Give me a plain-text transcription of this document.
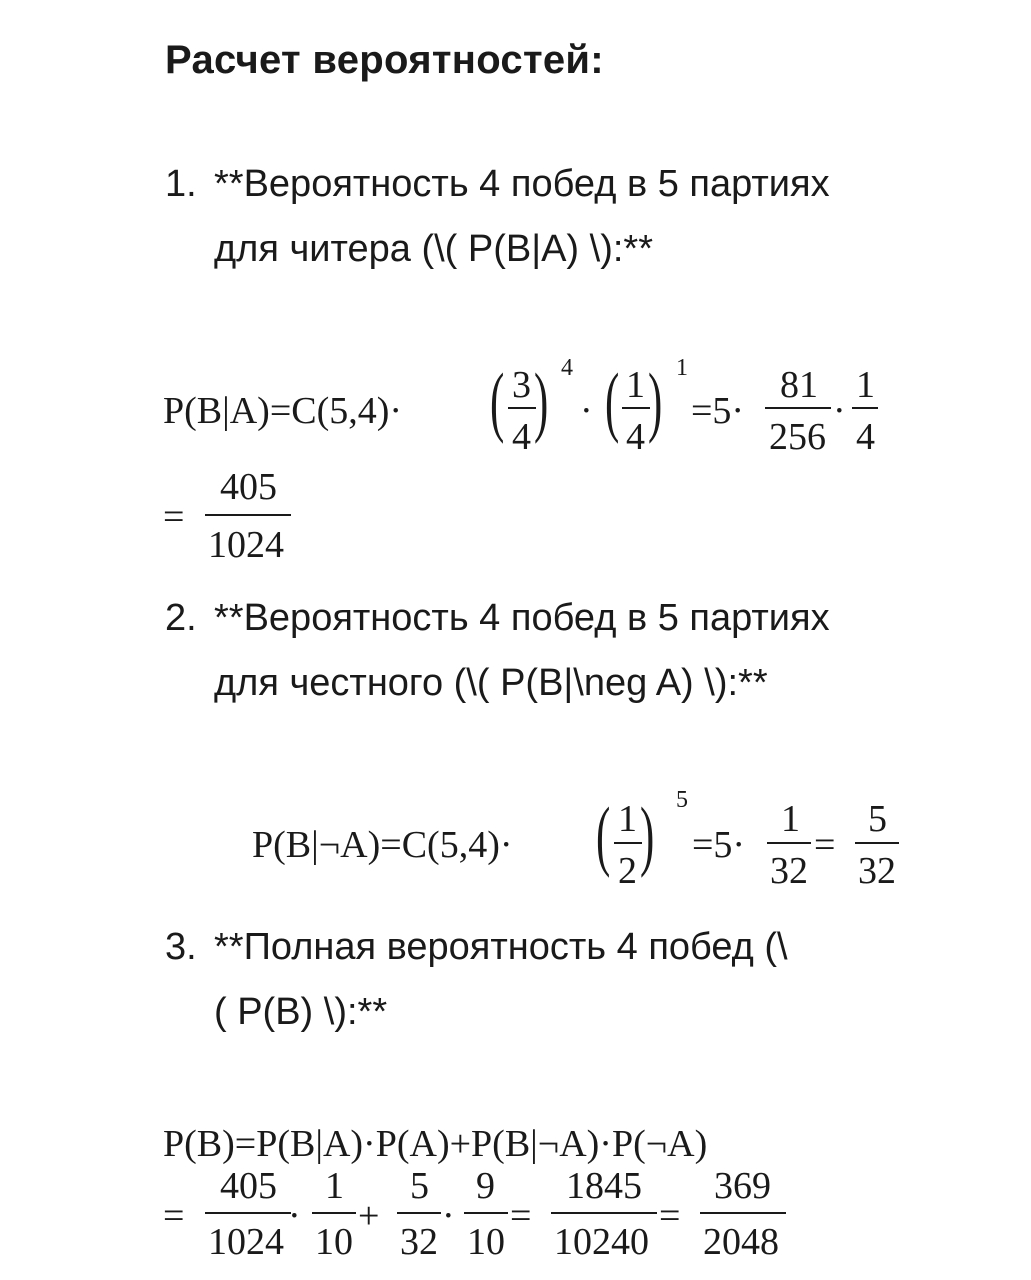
Расчет вероятностей:
1. **Вероятность 4 побед в 5 партиях
для читера (\( P(B|A) \):**
P(B|A)=C(5,4)· ( 3
4 ) 4
· ( 1
4 ) 1
=5·
81
256
·
1
4
=
405
1024
2. **Вероятность 4 побед в 5 партиях
для честного (\( P(B|\neg A) \):**
P(B|¬A)=C(5,4)· ( 1
2 ) 5
=5·
1
32
=
5
32
3. **Полная вероятность 4 побед (\
( P(B) \):**
P(B)=P(B|A)·P(A)+P(B|¬A)·P(¬A)
=
405
1024
·
1
10
+
5
32
·
9
10
=
1845
10240
=
369
2048
